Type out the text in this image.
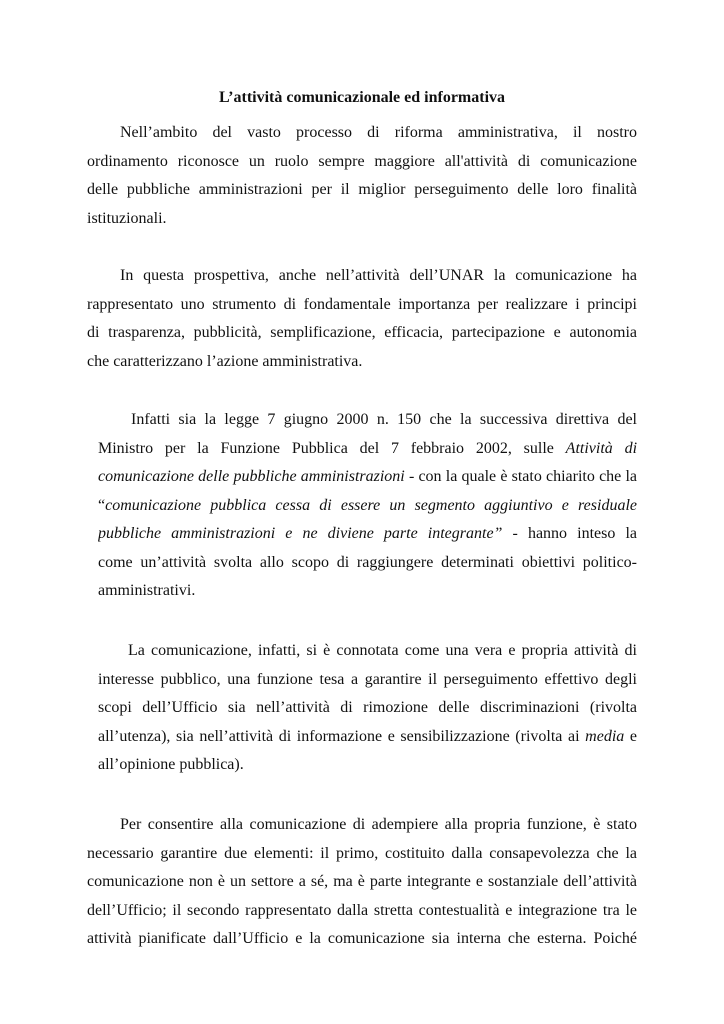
L’attività comunicazionale ed informativa
Nell’ambito del vasto processo di riforma amministrativa, il nostro
ordinamento riconosce un ruolo sempre maggiore all'attività di comunicazione
delle pubbliche amministrazioni per il miglior perseguimento delle loro finalità
istituzionali.
In questa prospettiva, anche nell’attività dell’UNAR la comunicazione ha
rappresentato uno strumento di fondamentale importanza per realizzare i principi
di trasparenza, pubblicità, semplificazione, efficacia, partecipazione e autonomia
che caratterizzano l’azione amministrativa.
Infatti sia la legge 7 giugno 2000 n. 150 che la successiva direttiva del
Ministro per la Funzione Pubblica del 7 febbraio 2002, sulle Attività di
comunicazione delle pubbliche amministrazioni - con la quale è stato chiarito che la
“comunicazione pubblica cessa di essere un segmento aggiuntivo e residuale
pubbliche amministrazioni e ne diviene parte integrante” - hanno inteso la
come un’attività svolta allo scopo di raggiungere determinati obiettivi politico-
amministrativi.
La comunicazione, infatti, si è connotata come una vera e propria attività di
interesse pubblico, una funzione tesa a garantire il perseguimento effettivo degli
scopi dell’Ufficio sia nell’attività di rimozione delle discriminazioni (rivolta
all’utenza), sia nell’attività di informazione e sensibilizzazione (rivolta ai media e
all’opinione pubblica).
Per consentire alla comunicazione di adempiere alla propria funzione, è stato
necessario garantire due elementi: il primo, costituito dalla consapevolezza che la
comunicazione non è un settore a sé, ma è parte integrante e sostanziale dell’attività
dell’Ufficio; il secondo rappresentato dalla stretta contestualità e integrazione tra le
attività pianificate dall’Ufficio e la comunicazione sia interna che esterna. Poiché
